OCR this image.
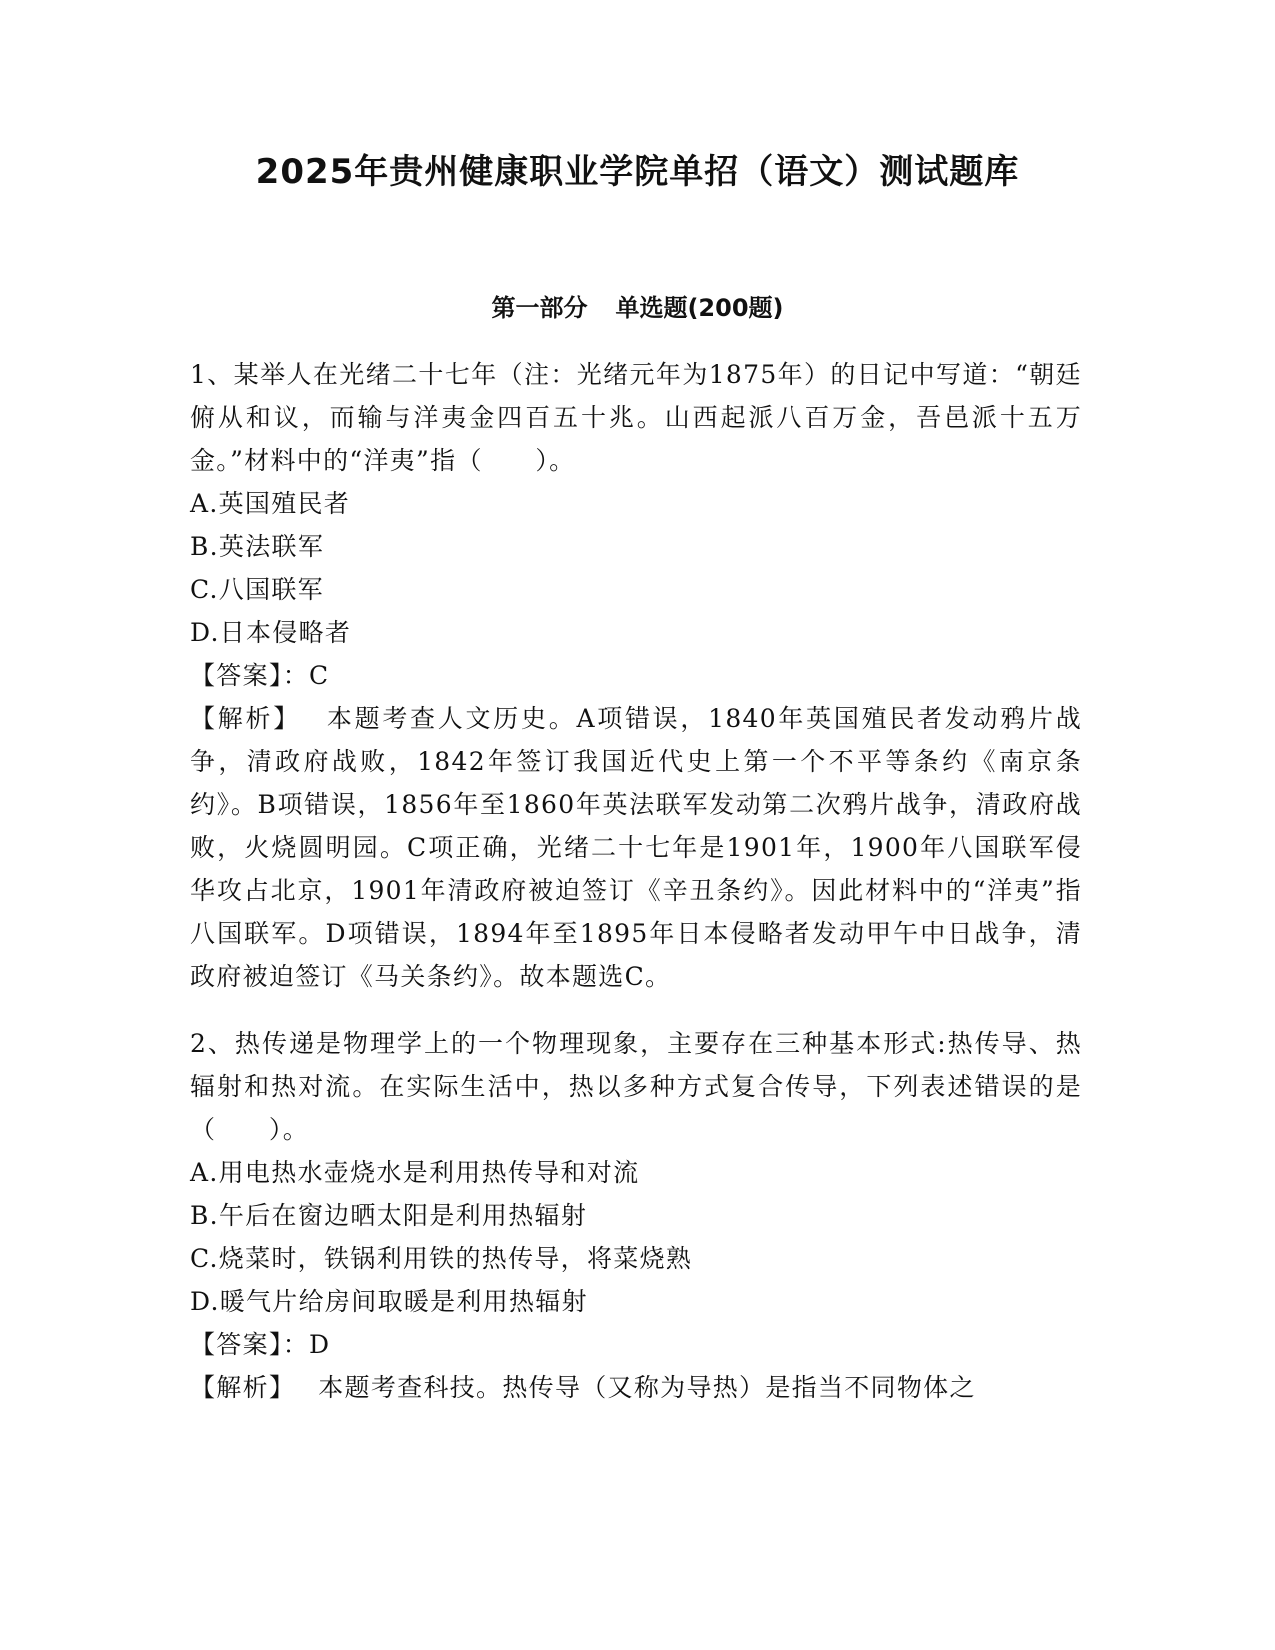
2025年贵州健康职业学院单招（语文）测试题库
第一部分 单选题(200题)

1、某举人在光绪二十七年（注：光绪元年为1875年）的日记中写道：“朝廷俯从和议，而输与洋夷金四百五十兆。山西起派八百万金，吾邑派十五万金。”材料中的“洋夷”指（　　）。

A.英国殖民者

B.英法联军

C.八国联军

D.日本侵略者

【答案】：C

【解析】　 本题考查人文历史。A项错误，1840年英国殖民者发动鸦片战争，清政府战败，1842年签订我国近代史上第一个不平等条约《南京条约》。B项错误，1856年至1860年英法联军发动第二次鸦片战争，清政府战败，火烧圆明园。C项正确，光绪二十七年是1901年，1900年八国联军侵华攻占北京，1901年清政府被迫签订《辛丑条约》。因此材料中的“洋夷”指八国联军。D项错误，1894年至1895年日本侵略者发动甲午中日战争，清政府被迫签订《马关条约》。故本题选C。

2、热传递是物理学上的一个物理现象，主要存在三种基本形式:热传导、热辐射和热对流。在实际生活中，热以多种方式复合传导，下列表述错误的是（　　）。

A.用电热水壶烧水是利用热传导和对流

B.午后在窗边晒太阳是利用热辐射

C.烧菜时，铁锅利用铁的热传导，将菜烧熟

D.暖气片给房间取暖是利用热辐射

【答案】：D

【解析】　 本题考查科技。热传导（又称为导热）是指当不同物体之
